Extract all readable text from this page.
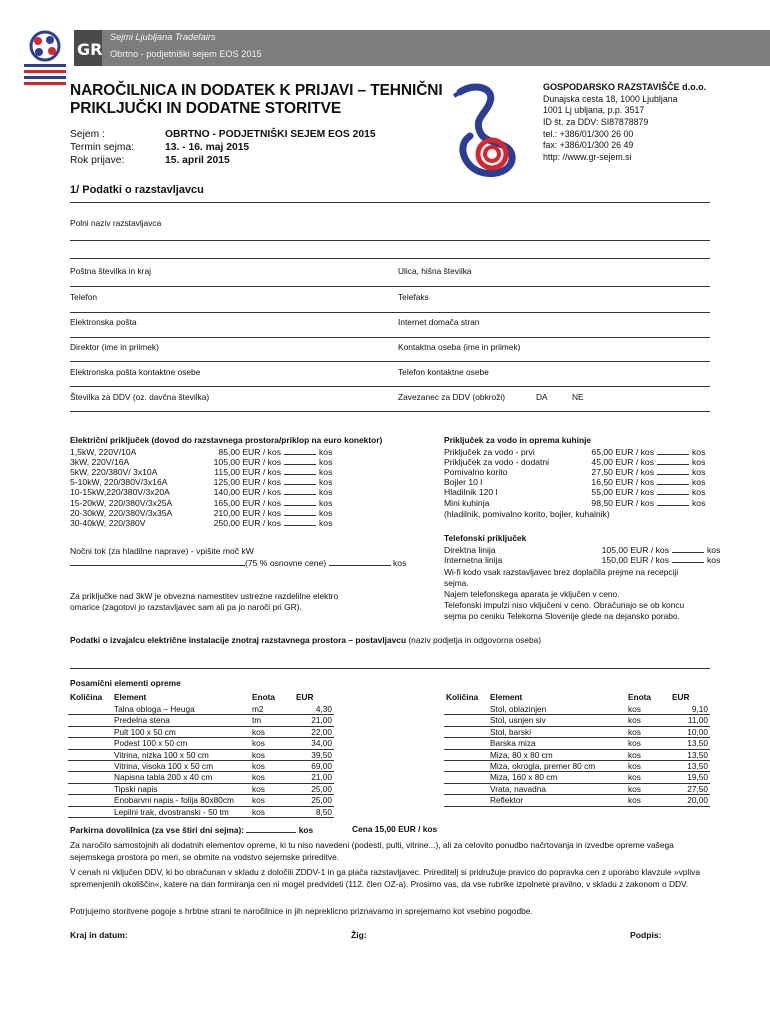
GR
Sejmi Ljubljana Tradefairs
Obrtno - podjetniški sejem EOS 2015
NAROČILNICA IN DODATEK K PRIJAVI – TEHNIČNI PRIKLJUČKI IN DODATNE STORITVE
GOSPODARSKO RAZSTAVIŠČE d.o.o.
Dunajska cesta 18, 1000 Ljubljana
1001 Lj ubljana, p.p. 3517
ID št. za DDV: SI87878879
tel.: +386/01/300 26 00
fax: +386/01/300 26 49
http: //www.gr-sejem.si
Sejem :	OBRTNO - PODJETNIŠKI SEJEM EOS 2015
Termin sejma:	13. - 16. maj 2015
Rok prijave:	15. april 2015
1/ Podatki o razstavljavcu
Polni naziv razstavljavca
Poštna številka in kraj	Ulica, hišna številka
Telefon	Telefaks
Elektronska pošta	Internet domača stran
Direktor (ime in priimek)	Kontaktna oseba (ime in priimek)
Elektronska pošta kontaktne osebe	Telefon kontaktne osebe
Številka za DDV (oz. davčna številka)	Zavezanec za DDV (obkroži)	DA	NE
Električni priključek (dovod do razstavnega prostora/priklop na euro konektor)
1,5kW, 220V/10A	85,00 EUR / kos	kos
3kW, 220V/16A	105,00 EUR / kos	kos
5kW, 220/380V/ 3x10A	115,00 EUR / kos	kos
5-10kW, 220/380V/3x16A	125,00 EUR / kos	kos
10-15kW,220/380V/3x20A	140,00 EUR / kos	kos
15-20kW, 220/380V/3x25A	165,00 EUR / kos	kos
20-30kW, 220/380V/3x35A	210,00 EUR / kos	kos
30-40kW, 220/380V	250,00 EUR / kos	kos
Nočni tok (za hladilne naprave) - vpišite moč kW
(75 % osnovne cene)	kos
Za priključke nad 3kW je obvezna namestitev ustrezne razdelilne elektro omarice (zagotovi jo razstavljavec sam ali pa jo naroči pri GR).
Priključek za vodo in oprema kuhinje
Priključek za vodo - prvi	65,00 EUR / kos	kos
Priključek za vodo - dodatni	45,00 EUR / kos	kos
Pomivalno korito	27,50 EUR / kos	kos
Bojler 10 l	16,50 EUR / kos	kos
Hladilnik 120 l	55,00 EUR / kos	kos
Mini kuhinja	98,50 EUR / kos	kos
(hladilnik, pomivalno korito, bojler, kuhalnik)
Telefonski priključek
Direktna linija	105,00 EUR / kos	kos
Internetna linija	150,00 EUR / kos	kos
Wi-fi kodo vsak razstavljavec brez doplačila prejme na recepciji sejma.
Najem telefonskega aparata je vključen v ceno.
Telefonski impulzi niso vključeni v ceno. Obračunajo se ob koncu sejma po ceniku Telekoma Slovenije glede na dejansko porabo.
Podatki o izvajalcu električne instalacije znotraj razstavnega prostora – postavljavcu (naziv podjetja in odgovorna oseba)
Posamični elementi opreme
Količina	Element	Enota	EUR
	Talna obloga – Heuga	m2	4,30
	Predelna stena	tm	21,00
	Pult 100 x 50 cm	kos	22,00
	Podest 100 x 50 cm	kos	34,00
	Vitrina, nizka 100 x 50 cm	kos	39,50
	Vitrina, visoka 100 x 50 cm	kos	69,00
	Napisna tabla 200 x 40 cm	kos	21,00
	Tipski napis	kos	25,00
	Enobarvni napis - folija 80x80cm	kos	25,00
	Lepilni trak, dvostranski - 50 tm	kos	8,50
Količina	Element	Enota	EUR
	Stol, oblazinjen	kos	9,10
	Stol, usnjen siv	kos	11,00
	Stol, barski	kos	10,00
	Barska miza	kos	13,50
	Miza, 80 x 80 cm	kos	13,50
	Miza, okrogla, premer 80 cm	kos	13,50
	Miza, 160 x 80 cm	kos	19,50
	Vrata, navadna	kos	27,50
	Reflektor	kos	20,00
Parkirna dovolilnica (za vse štiri dni sejma):	kos	Cena 15,00 EUR / kos
Za naročilo samostojnih ali dodatnih elementov opreme, ki tu niso navedeni (podesti, pulti, vitrine...), ali za celovito ponudbo načrtovanja in izvedbe opreme vašega sejemskega prostora po meri, se obrnite na vodstvo sejemske prireditve.
V cenah ni vključen DDV, ki bo obračunan v skladu z določili ZDDV-1 in ga plača razstavljavec. Prireditelj si pridružuje pravico do popravka cen z uporabo klavzule »vpliva spremenjenih okoliščin«, katere na dan formiranja cen ni mogel predvideti (112. člen OZ-a). Prosimo vas, da vse rubrike izpolnete pravilno, v skladu z zakonom o DDV.
Potrjujemo storitvene pogoje s hrbtne strani te naročilnice in jih nepreklicno priznavamo in sprejemamo kot vsebino pogodbe.
Kraj in datum:	Žig:	Podpis:
